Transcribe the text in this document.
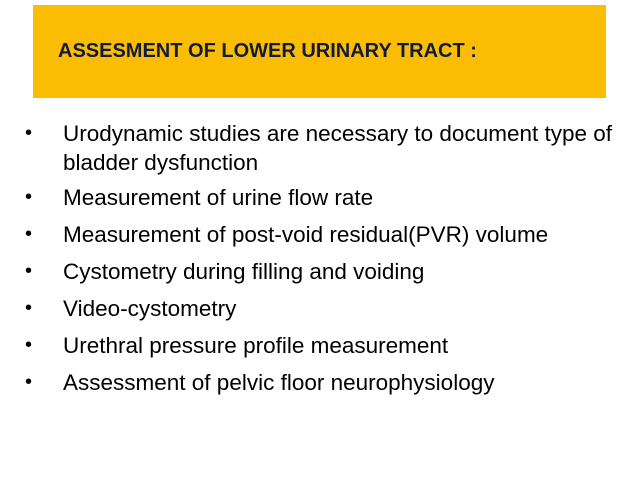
ASSESMENT OF LOWER URINARY TRACT :
• Urodynamic studies are necessary to document type of bladder dysfunction
• Measurement of urine flow rate
• Measurement of post-void residual(PVR) volume
• Cystometry during filling and voiding
• Video-cystometry
• Urethral pressure profile measurement
• Assessment of pelvic floor neurophysiology
